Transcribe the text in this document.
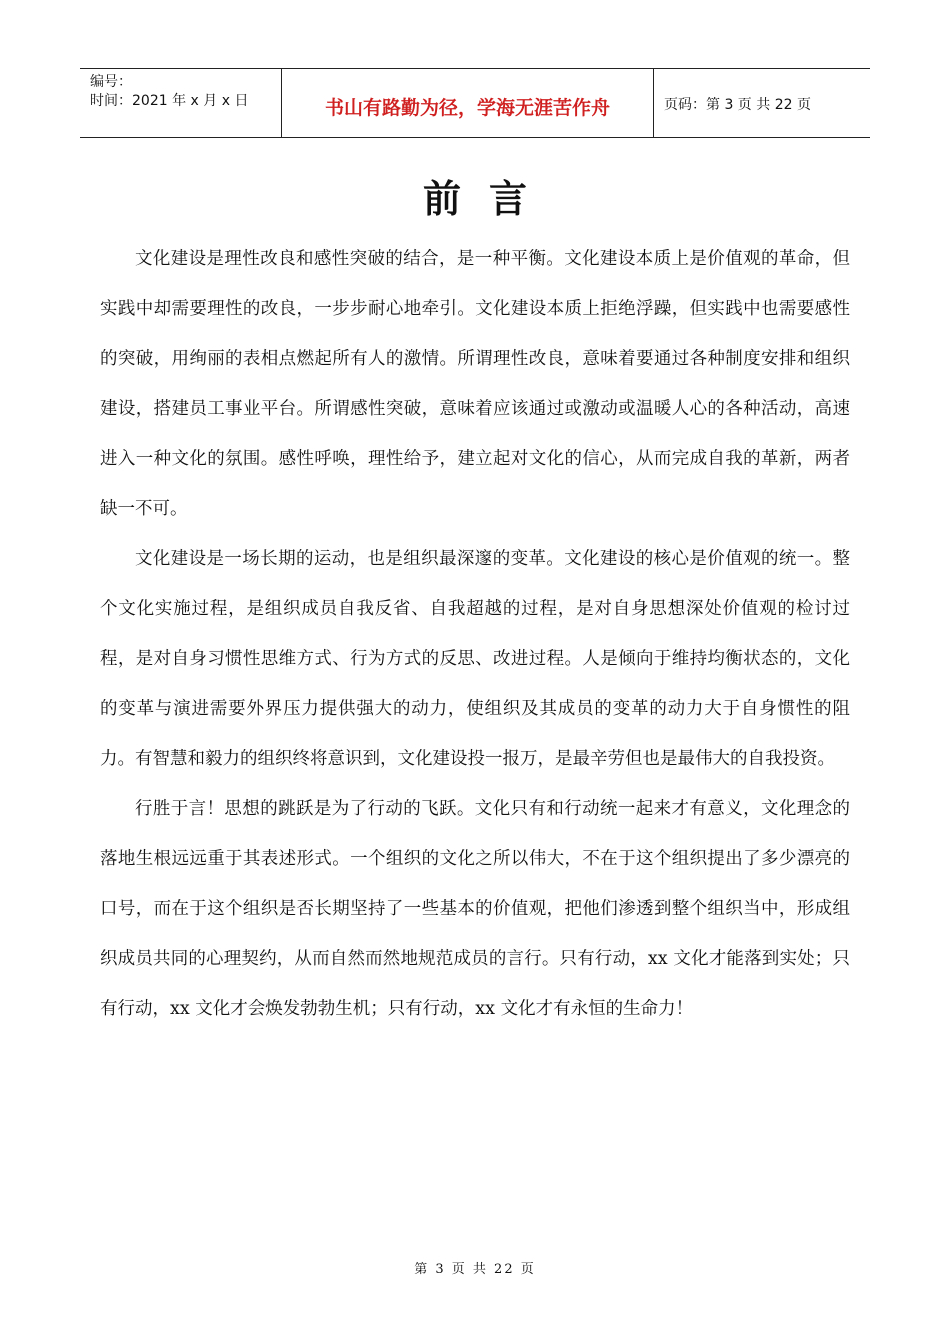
编号：
时间：2021 年 x 月 x 日	书山有路勤为径，学海无涯苦作舟	页码：第 3 页 共 22 页
前言

文化建设是理性改良和感性突破的结合，是一种平衡。文化建设本质上是价值观的革命，但实践中却需要理性的改良，一步步耐心地牵引。文化建设本质上拒绝浮躁，但实践中也需要感性的突破，用绚丽的表相点燃起所有人的激情。所谓理性改良，意味着要通过各种制度安排和组织建设，搭建员工事业平台。所谓感性突破，意味着应该通过或激动或温暖人心的各种活动，高速进入一种文化的氛围。感性呼唤，理性给予，建立起对文化的信心，从而完成自我的革新，两者缺一不可。

文化建设是一场长期的运动，也是组织最深邃的变革。文化建设的核心是价值观的统一。整个文化实施过程，是组织成员自我反省、自我超越的过程，是对自身思想深处价值观的检讨过程，是对自身习惯性思维方式、行为方式的反思、改进过程。人是倾向于维持均衡状态的，文化的变革与演进需要外界压力提供强大的动力，使组织及其成员的变革的动力大于自身惯性的阻力。有智慧和毅力的组织终将意识到，文化建设投一报万，是最辛劳但也是最伟大的自我投资。

行胜于言！思想的跳跃是为了行动的飞跃。文化只有和行动统一起来才有意义，文化理念的落地生根远远重于其表述形式。一个组织的文化之所以伟大，不在于这个组织提出了多少漂亮的口号，而在于这个组织是否长期坚持了一些基本的价值观，把他们渗透到整个组织当中，形成组织成员共同的心理契约，从而自然而然地规范成员的言行。只有行动，xx 文化才能落到实处；只有行动，xx 文化才会焕发勃勃生机；只有行动，xx 文化才有永恒的生命力！

第 3 页 共 22 页
